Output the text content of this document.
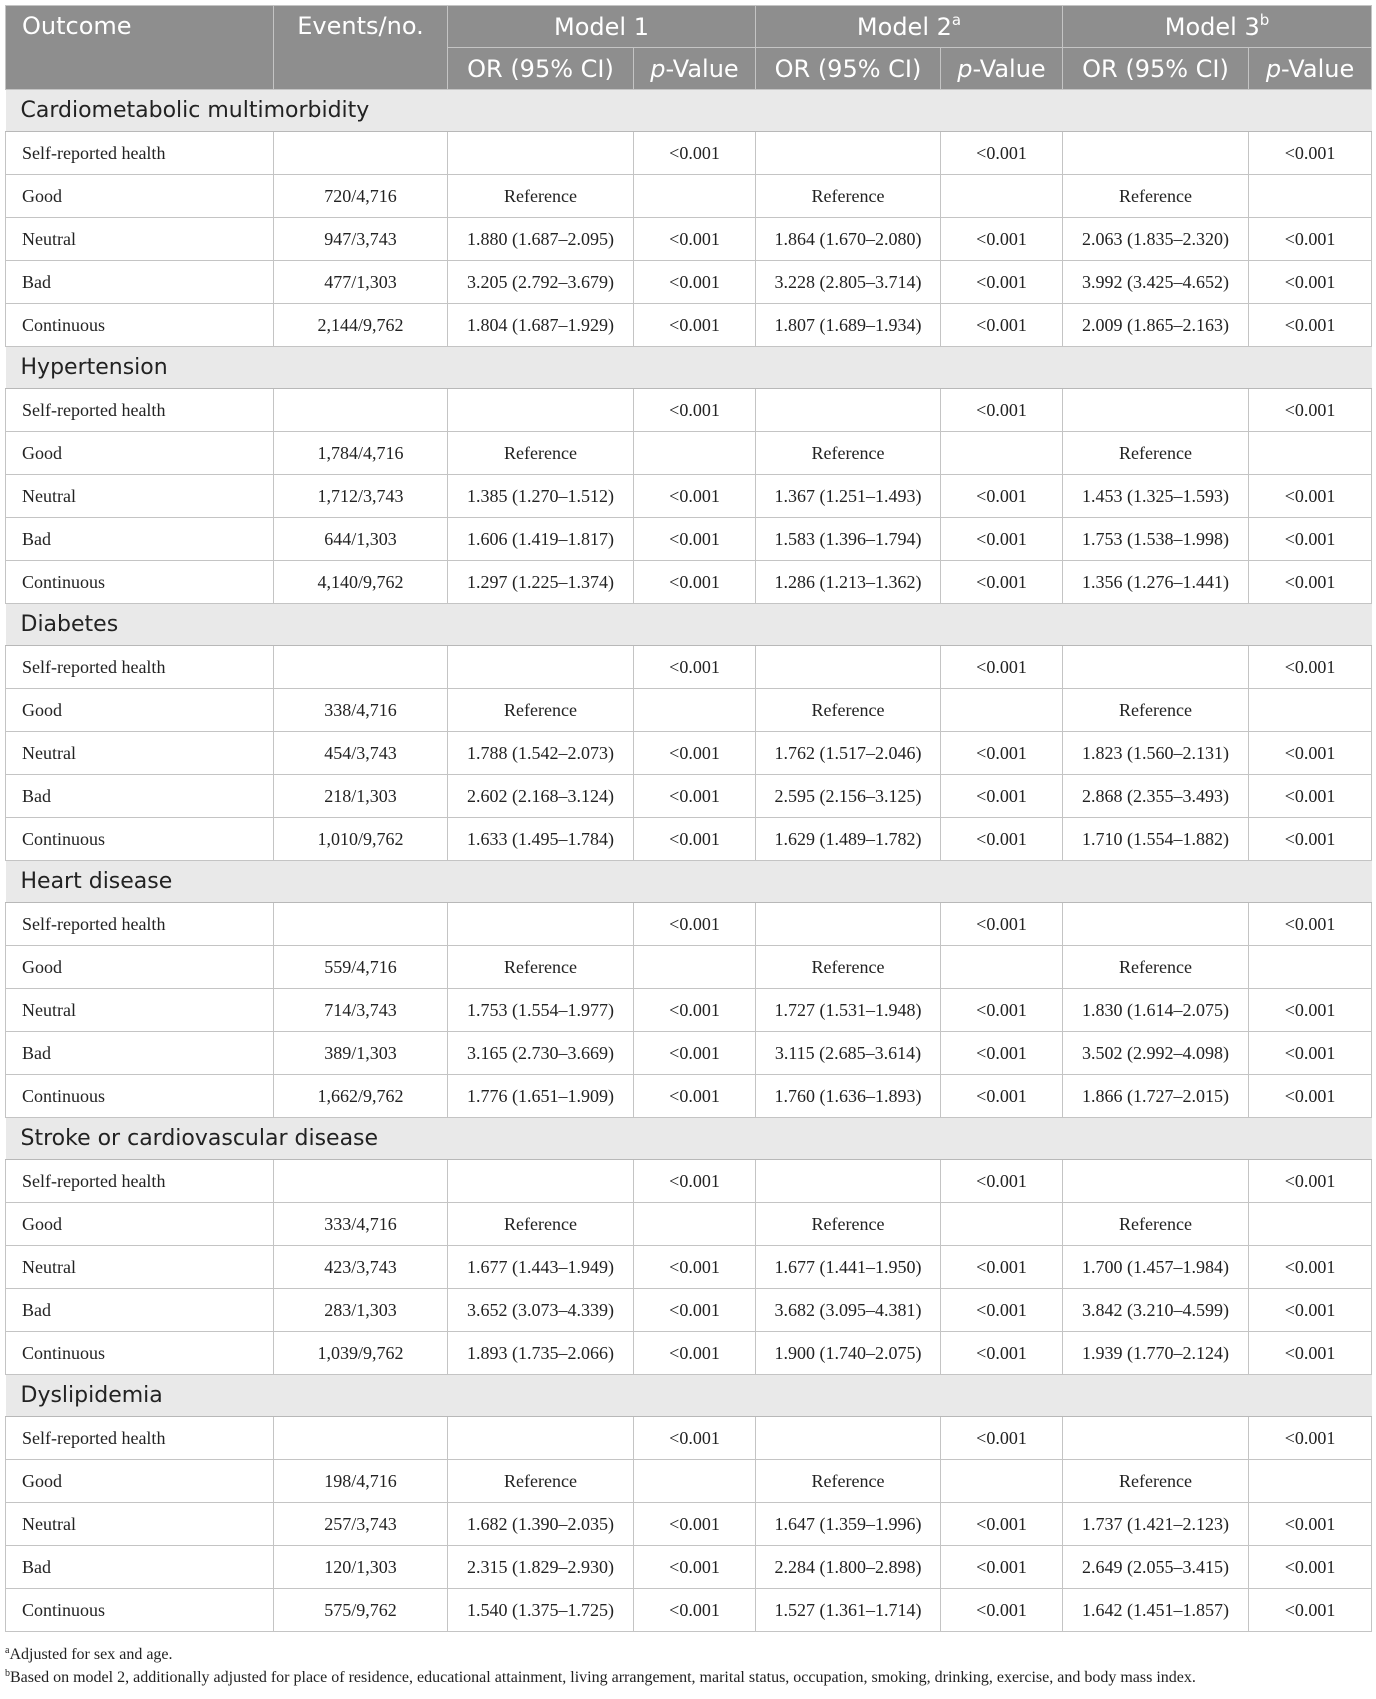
Outcome	Events/no.	Model 1		Model 2$^a$		Model 3$^b$
		OR (95% CI)	p-Value	OR (95% CI)	p-Value	OR (95% CI)	p-Value
Cardiometabolic multimorbidity							
Self-reported health			<0.001		<0.001		<0.001
Good	720/4,716	Reference		Reference		Reference	
Neutral	947/3,743	1.880 (1.687–2.095)	<0.001	1.864 (1.670–2.080)	<0.001	2.063 (1.835–2.320)	<0.001
Bad	477/1,303	3.205 (2.792–3.679)	<0.001	3.228 (2.805–3.714)	<0.001	3.992 (3.425–4.652)	<0.001
Continuous	2,144/9,762	1.804 (1.687–1.929)	<0.001	1.807 (1.689–1.934)	<0.001	2.009 (1.865–2.163)	<0.001
Hypertension							
Self-reported health			<0.001		<0.001		<0.001
Good	1,784/4,716	Reference		Reference		Reference	
Neutral	1,712/3,743	1.385 (1.270–1.512)	<0.001	1.367 (1.251–1.493)	<0.001	1.453 (1.325–1.593)	<0.001
Bad	644/1,303	1.606 (1.419–1.817)	<0.001	1.583 (1.396–1.794)	<0.001	1.753 (1.538–1.998)	<0.001
Continuous	4,140/9,762	1.297 (1.225–1.374)	<0.001	1.286 (1.213–1.362)	<0.001	1.356 (1.276–1.441)	<0.001
Diabetes							
Self-reported health			<0.001		<0.001		<0.001
Good	338/4,716	Reference		Reference		Reference	
Neutral	454/3,743	1.788 (1.542–2.073)	<0.001	1.762 (1.517–2.046)	<0.001	1.823 (1.560–2.131)	<0.001
Bad	218/1,303	2.602 (2.168–3.124)	<0.001	2.595 (2.156–3.125)	<0.001	2.868 (2.355–3.493)	<0.001
Continuous	1,010/9,762	1.633 (1.495–1.784)	<0.001	1.629 (1.489–1.782)	<0.001	1.710 (1.554–1.882)	<0.001
Heart disease							
Self-reported health			<0.001		<0.001		<0.001
Good	559/4,716	Reference		Reference		Reference	
Neutral	714/3,743	1.753 (1.554–1.977)	<0.001	1.727 (1.531–1.948)	<0.001	1.830 (1.614–2.075)	<0.001
Bad	389/1,303	3.165 (2.730–3.669)	<0.001	3.115 (2.685–3.614)	<0.001	3.502 (2.992–4.098)	<0.001
Continuous	1,662/9,762	1.776 (1.651–1.909)	<0.001	1.760 (1.636–1.893)	<0.001	1.866 (1.727–2.015)	<0.001
Stroke or cardiovascular disease							
Self-reported health			<0.001		<0.001		<0.001
Good	333/4,716	Reference		Reference		Reference	
Neutral	423/3,743	1.677 (1.443–1.949)	<0.001	1.677 (1.441–1.950)	<0.001	1.700 (1.457–1.984)	<0.001
Bad	283/1,303	3.652 (3.073–4.339)	<0.001	3.682 (3.095–4.381)	<0.001	3.842 (3.210–4.599)	<0.001
Continuous	1,039/9,762	1.893 (1.735–2.066)	<0.001	1.900 (1.740–2.075)	<0.001	1.939 (1.770–2.124)	<0.001
Dyslipidemia							
Self-reported health			<0.001		<0.001		<0.001
Good	198/4,716	Reference		Reference		Reference	
Neutral	257/3,743	1.682 (1.390–2.035)	<0.001	1.647 (1.359–1.996)	<0.001	1.737 (1.421–2.123)	<0.001
Bad	120/1,303	2.315 (1.829–2.930)	<0.001	2.284 (1.800–2.898)	<0.001	2.649 (2.055–3.415)	<0.001
Continuous	575/9,762	1.540 (1.375–1.725)	<0.001	1.527 (1.361–1.714)	<0.001	1.642 (1.451–1.857)	<0.001
$^a$Adjusted for sex and age.
$^b$Based on model 2, additionally adjusted for place of residence, educational attainment, living arrangement, marital status, occupation, smoking, drinking, exercise, and body mass index.
